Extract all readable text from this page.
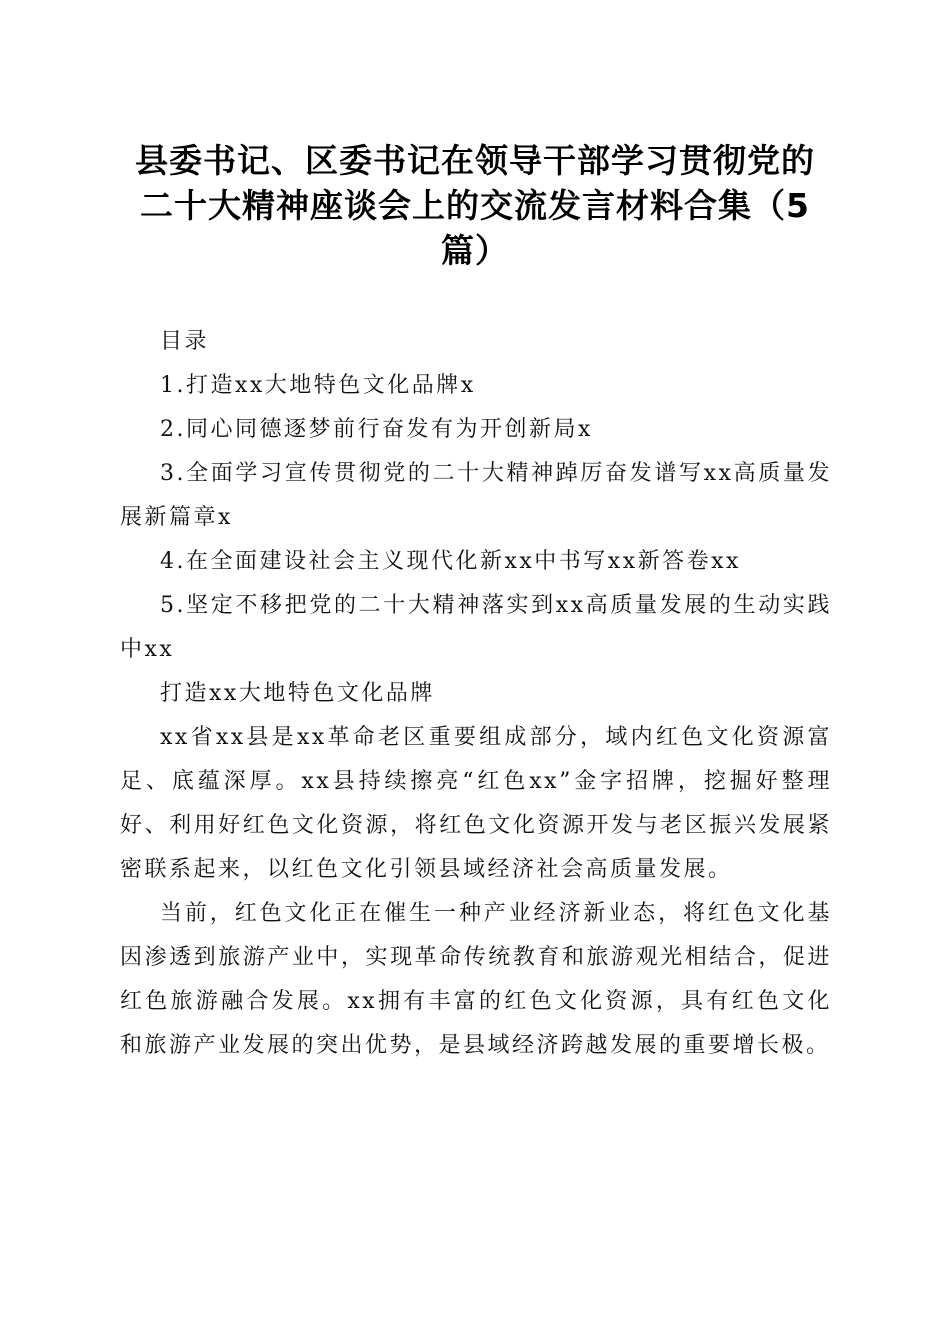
县委书记、区委书记在领导干部学习贯彻党的
二十大精神座谈会上的交流发言材料合集（5
篇）

目录

1.打造xx大地特色文化品牌x

2.同心同德逐梦前行奋发有为开创新局x

3.全面学习宣传贯彻党的二十大精神踔厉奋发谱写xx高质量发展新篇章x

4.在全面建设社会主义现代化新xx中书写xx新答卷xx

5.坚定不移把党的二十大精神落实到xx高质量发展的生动实践中xx

打造xx大地特色文化品牌

xx省xx县是xx革命老区重要组成部分，域内红色文化资源富足、底蕴深厚。xx县持续擦亮“红色xx”金字招牌，挖掘好整理好、利用好红色文化资源，将红色文化资源开发与老区振兴发展紧密联系起来，以红色文化引领县域经济社会高质量发展。

当前，红色文化正在催生一种产业经济新业态，将红色文化基因渗透到旅游产业中，实现革命传统教育和旅游观光相结合，促进红色旅游融合发展。xx拥有丰富的红色文化资源，具有红色文化和旅游产业发展的突出优势，是县域经济跨越发展的重要增长极。
